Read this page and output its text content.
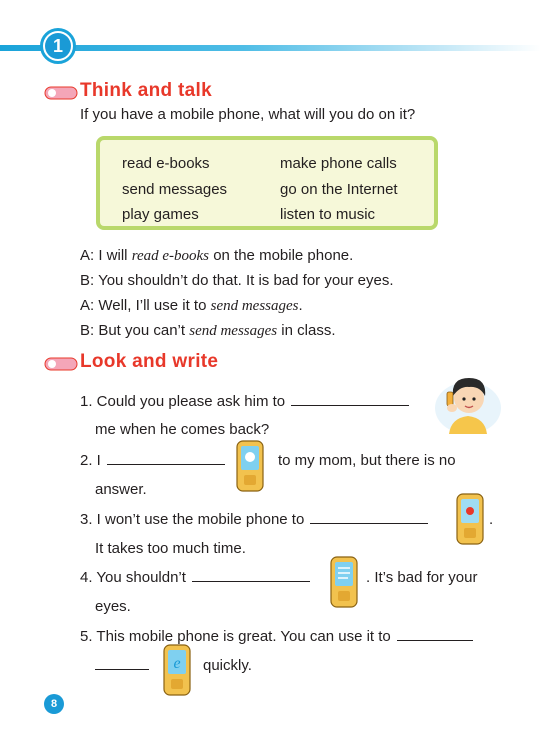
1
Think and talk
If you have a mobile phone, what will you do on it?
read e-books	make phone calls
send messages	go on the Internet
play games	listen to music
A: I will read e-books on the mobile phone.
B: You shouldn’t do that. It is bad for your eyes.
A: Well, I’ll use it to send messages.
B: But you can’t send messages in class.
Look and write
1. Could you please ask him to
me when he comes back?
2. I	to my mom, but there is no
answer.
3. I won’t use the mobile phone to	.
It takes too much time.
4. You shouldn’t	. It’s bad for your
eyes.
5. This mobile phone is great. You can use it to
e quickly.
8
